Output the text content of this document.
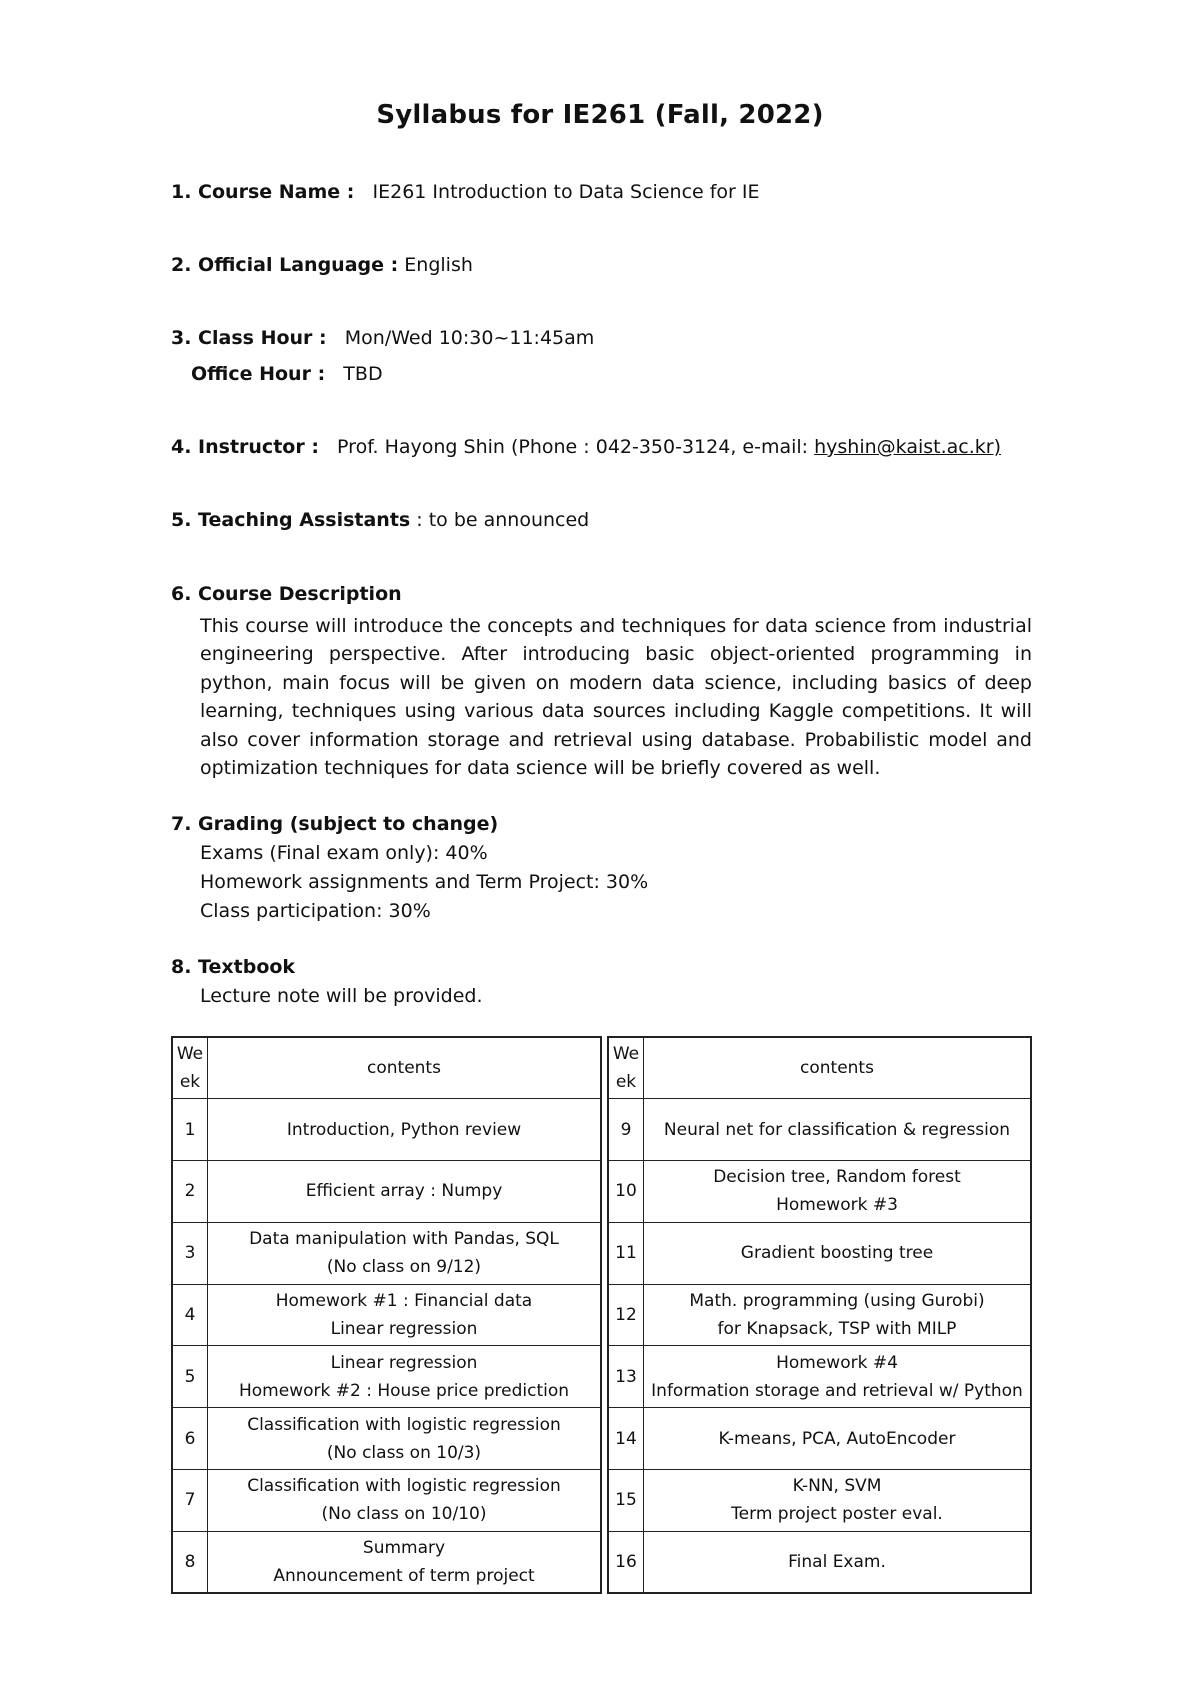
Syllabus for IE261 (Fall, 2022)
1. Course Name : IE261 Introduction to Data Science for IE
2. Official Language : English
3. Class Hour : Mon/Wed 10:30~11:45am
Office Hour : TBD
4. Instructor : Prof. Hayong Shin (Phone : 042-350-3124, e-mail: hyshin@kaist.ac.kr)
5. Teaching Assistants : to be announced
6. Course Description
This course will introduce the concepts and techniques for data science from industrial engineering perspective. After introducing basic object-oriented programming in python, main focus will be given on modern data science, including basics of deep learning, techniques using various data sources including Kaggle competitions. It will also cover information storage and retrieval using database. Probabilistic model and optimization techniques for data science will be briefly covered as well.
7. Grading (subject to change)
Exams (Final exam only): 40%
Homework assignments and Term Project: 30%
Class participation: 30%
8. Textbook
Lecture note will be provided.
We
ek	contents
1	Introduction, Python review

2	Efficient array : Numpy

3	Data manipulation with Pandas, SQL
(No class on 9/12)

4	Homework #1 : Financial data
Linear regression

5	Linear regression
Homework #2 : House price prediction

6	Classification with logistic regression
(No class on 10/3)

7	Classification with logistic regression
(No class on 10/10)

8	Summary
Announcement of term project
We
ek	contents
9	Neural net for classification & regression

10	Decision tree, Random forest
Homework #3

11	Gradient boosting tree

12	Math. programming (using Gurobi)
for Knapsack, TSP with MILP

13	Homework #4
Information storage and retrieval w/ Python

14	K-means, PCA, AutoEncoder

15	K-NN, SVM
Term project poster eval.

16	Final Exam.
